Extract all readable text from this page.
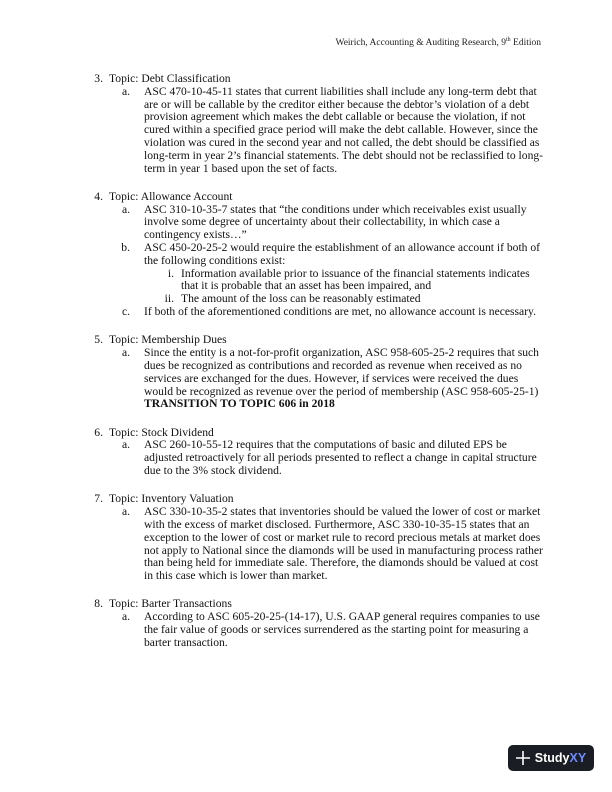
Weirich, Accounting & Auditing Research, 9th Edition
3. Topic: Debt Classification
a. ASC 470-10-45-11 states that current liabilities shall include any long-term debt that are or will be callable by the creditor either because the debtor’s violation of a debt provision agreement which makes the debt callable or because the violation, if not cured within a specified grace period will make the debt callable. However, since the violation was cured in the second year and not called, the debt should be classified as long-term in year 2’s financial statements. The debt should not be reclassified to long-term in year 1 based upon the set of facts.
4. Topic: Allowance Account
a. ASC 310-10-35-7 states that “the conditions under which receivables exist usually involve some degree of uncertainty about their collectability, in which case a contingency exists…”
b. ASC 450-20-25-2 would require the establishment of an allowance account if both of the following conditions exist:
i. Information available prior to issuance of the financial statements indicates that it is probable that an asset has been impaired, and
ii. The amount of the loss can be reasonably estimated
c. If both of the aforementioned conditions are met, no allowance account is necessary.
5. Topic: Membership Dues
a. Since the entity is a not-for-profit organization, ASC 958-605-25-2 requires that such dues be recognized as contributions and recorded as revenue when received as no services are exchanged for the dues. However, if services were received the dues would be recognized as revenue over the period of membership (ASC 958-605-25-1) TRANSITION TO TOPIC 606 in 2018
6. Topic: Stock Dividend
a. ASC 260-10-55-12 requires that the computations of basic and diluted EPS be adjusted retroactively for all periods presented to reflect a change in capital structure due to the 3% stock dividend.
7. Topic: Inventory Valuation
a. ASC 330-10-35-2 states that inventories should be valued the lower of cost or market with the excess of market disclosed. Furthermore, ASC 330-10-35-15 states that an exception to the lower of cost or market rule to record precious metals at market does not apply to National since the diamonds will be used in manufacturing process rather than being held for immediate sale. Therefore, the diamonds should be valued at cost in this case which is lower than market.
8. Topic: Barter Transactions
a. According to ASC 605-20-25-(14-17), U.S. GAAP general requires companies to use the fair value of goods or services surrendered as the starting point for measuring a barter transaction.
Study XY
